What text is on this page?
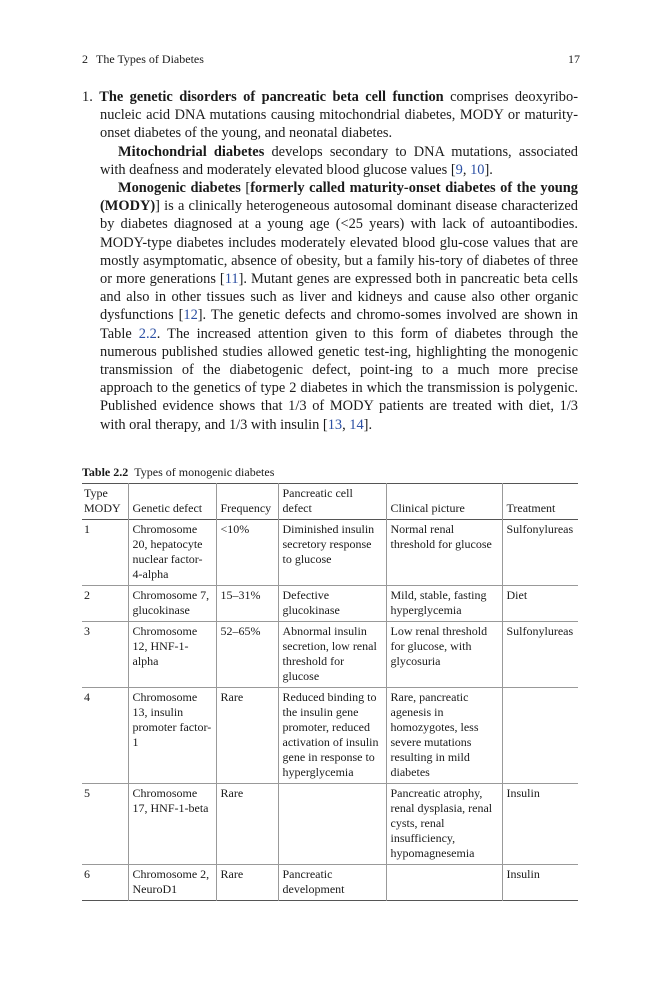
2 The Types of Diabetes	17

1. The genetic disorders of pancreatic beta cell function comprises deoxyribo-nucleic acid DNA mutations causing mitochondrial diabetes, MODY or maturity-onset diabetes of the young, and neonatal diabetes.

Mitochondrial diabetes develops secondary to DNA mutations, associated with deafness and moderately elevated blood glucose values [9, 10].

Monogenic diabetes [formerly called maturity-onset diabetes of the young (MODY)] is a clinically heterogeneous autosomal dominant disease characterized by diabetes diagnosed at a young age (<25 years) with lack of autoantibodies. MODY-type diabetes includes moderately elevated blood glu-cose values that are mostly asymptomatic, absence of obesity, but a family his-tory of diabetes of three or more generations [11]. Mutant genes are expressed both in pancreatic beta cells and also in other tissues such as liver and kidneys and cause also other organic dysfunctions [12]. The genetic defects and chromo-somes involved are shown in Table 2.2. The increased attention given to this form of diabetes through the numerous published studies allowed genetic test-ing, highlighting the monogenic transmission of the diabetogenic defect, point-ing to a much more precise approach to the genetics of type 2 diabetes in which the transmission is polygenic. Published evidence shows that 1/3 of MODY patients are treated with diet, 1/3 with oral therapy, and 1/3 with insulin [13, 14].

Table 2.2 Types of monogenic diabetes
Type MODY	Genetic defect	Frequency	Pancreatic cell defect	Clinical picture	Treatment
1	Chromosome 20, hepatocyte nuclear factor-4-alpha	<10%	Diminished insulin secretory response to glucose	Normal renal threshold for glucose	Sulfonylureas
2	Chromosome 7, glucokinase	15–31%	Defective glucokinase	Mild, stable, fasting hyperglycemia	Diet
3	Chromosome 12, HNF-1-alpha	52–65%	Abnormal insulin secretion, low renal threshold for glucose	Low renal threshold for glucose, with glycosuria	Sulfonylureas
4	Chromosome 13, insulin promoter factor-1	Rare	Reduced binding to the insulin gene promoter, reduced activation of insulin gene in response to hyperglycemia	Rare, pancreatic agenesis in homozygotes, less severe mutations resulting in mild diabetes	
5	Chromosome 17, HNF-1-beta	Rare		Pancreatic atrophy, renal dysplasia, renal cysts, renal insufficiency, hypomagnesemia	Insulin
6	Chromosome 2, NeuroD1	Rare	Pancreatic development		Insulin
